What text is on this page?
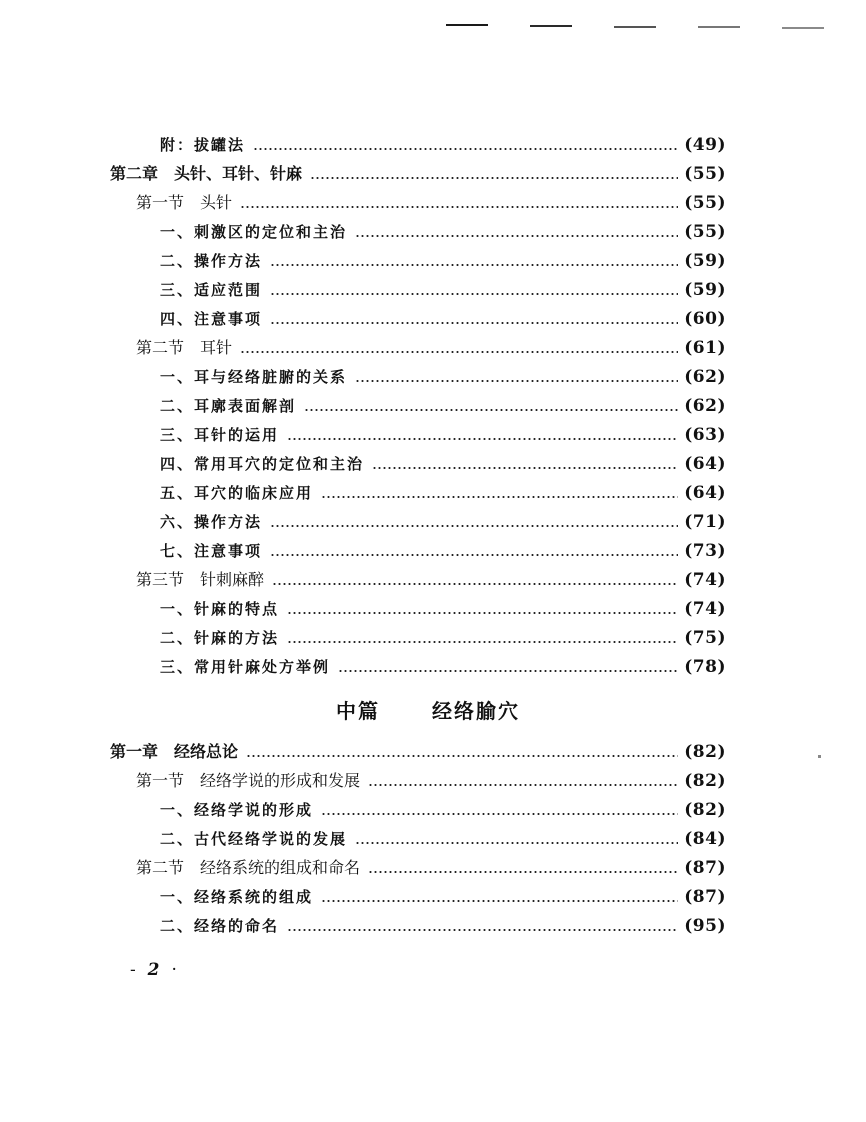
附：拔罐法	(49)
第二章　头针、耳针、针麻	(55)
第一节　头针	(55)
一、刺激区的定位和主治	(55)
二、操作方法	(59)
三、适应范围	(59)
四、注意事项	(60)
第二节　耳针	(61)
一、耳与经络脏腑的关系	(62)
二、耳廓表面解剖	(62)
三、耳针的运用	(63)
四、常用耳穴的定位和主治	(64)
五、耳穴的临床应用	(64)
六、操作方法	(71)
七、注意事项	(73)
第三节　针刺麻醉	(74)
一、针麻的特点	(74)
二、针麻的方法	(75)
三、常用针麻处方举例	(78)
中篇	经络腧穴
第一章　经络总论	(82)
第一节　经络学说的形成和发展	(82)
一、经络学说的形成	(82)
二、古代经络学说的发展	(84)
第二节　经络系统的组成和命名	(87)
一、经络系统的组成	(87)
二、经络的命名	(95)
- 2 ·
